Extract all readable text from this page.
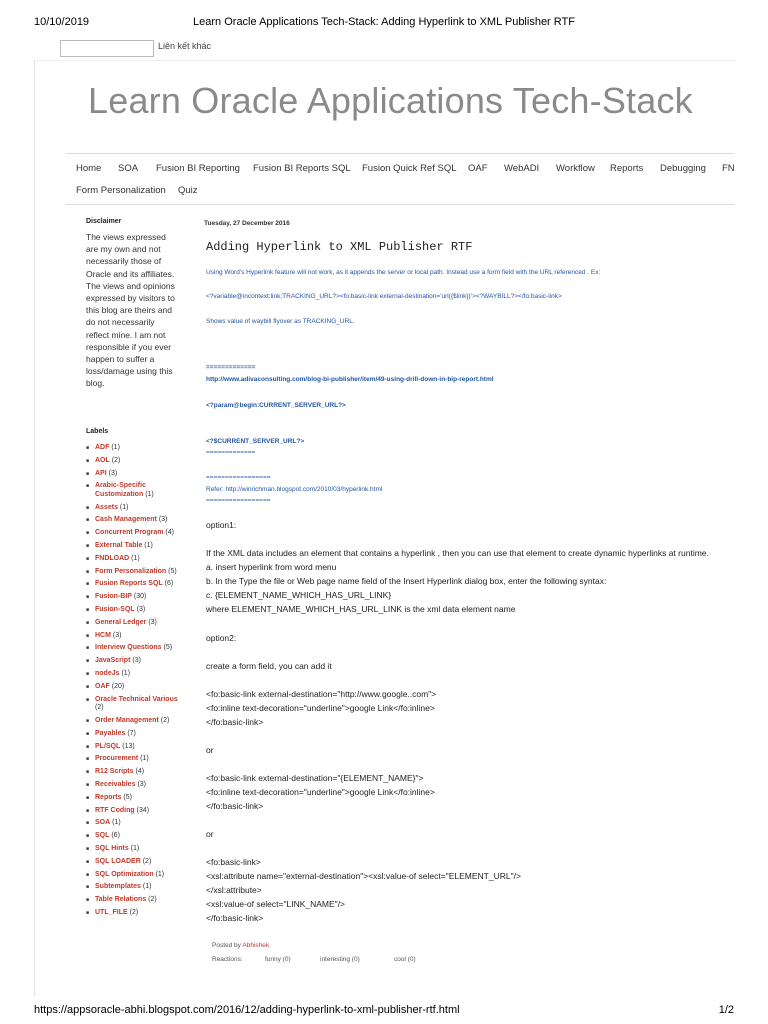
10/10/2019	Learn Oracle Applications Tech-Stack: Adding Hyperlink to XML Publisher RTF
Liên kết khác
Learn Oracle Applications Tech-Stack
Home SOA Fusion BI Reporting Fusion BI Reports SQL Fusion Quick Ref SQL OAF WebADI Workflow Reports Debugging FN
Form Personalization Quiz
Disclaimer

The views expressed are my own and not necessarily those of Oracle and its affiliates. The views and opinions expressed by visitors to this blog are theirs and do not necessarily reflect mine. I am not responsible if you ever happen to suffer a loss/damage using this blog.

Labels
■ ADF (1)
■ AOL (2)
■ API (3)
■ Arabic-Specific Customization (1)
■ Assets (1)
■ Cash Management (3)
■ Concurrent Program (4)
■ External Table (1)
■ FNDLOAD (1)
■ Form Personalization (5)
■ Fusion Reports SQL (6)
■ Fusion-BIP (30)
■ Fusion-SQL (3)
■ General Ledger (3)
■ HCM (3)
■ Interview Questions (5)
■ JavaScript (3)
■ nodeJs (1)
■ OAF (20)
■ Oracle Technical Various (2)
■ Order Management (2)
■ Payables (7)
■ PL/SQL (13)
■ Procurement (1)
■ R12 Scripts (4)
■ Receivables (3)
■ Reports (5)
■ RTF Coding (34)
■ SOA (1)
■ SQL (6)
■ SQL Hints (1)
■ SQL LOADER (2)
■ SQL Optimization (1)
■ Subtemplates (1)
■ Table Relations (2)
■ UTL_FILE (2)
Tuesday, 27 December 2016
Adding Hyperlink to XML Publisher RTF
Using Word's Hyperlink feature will not work, as it appends the server or local path. Instead use a form field with the URL referenced . Ex:
<?variable@incontext:link;TRACKING_URL?><fo:basic-link external-destination='url({$link})'><?WAYBILL?></fo:basic-link>
Shows value of waybill flyover as TRACKING_URL.
=============
http://www.adivaconsulting.com/blog-bi-publisher/item/49-using-drill-down-in-bip-report.html
<?param@begin:CURRENT_SERVER_URL?>
<?$CURRENT_SERVER_URL?>
=============
=================
Refer: http://winrichman.blogspot.com/2010/03/hyperlink.html
=================
option1:
If the XML data includes an element that contains a hyperlink , then you can use that element to create dynamic hyperlinks at runtime.
a. insert hyperlink from word menu
b. In the Type the file or Web page name field of the Insert Hyperlink dialog box, enter the following syntax:
c. {ELEMENT_NAME_WHICH_HAS_URL_LINK}
where ELEMENT_NAME_WHICH_HAS_URL_LINK is the xml data element name
option2:
create a form field, you can add it
<fo:basic-link external-destination="http://www.google..com">
<fo:inline text-decoration="underline">google Link</fo:inline>
</fo:basic-link>
or
<fo:basic-link external-destination="{ELEMENT_NAME}">
<fo:inline text-decoration="underline">google Link</fo:inline>
</fo:basic-link>
or
<fo:basic-link>
<xsl:attribute name="external-destination"><xsl:value-of select="ELEMENT_URL"/>
</xsl:attribute>
<xsl:value-of select="LINK_NAME"/>
</fo:basic-link>
Posted by Abhishek
Reactions:	funny (0)	interesting (0)	cool (0)
https://appsoracle-abhi.blogspot.com/2016/12/adding-hyperlink-to-xml-publisher-rtf.html	1/2
